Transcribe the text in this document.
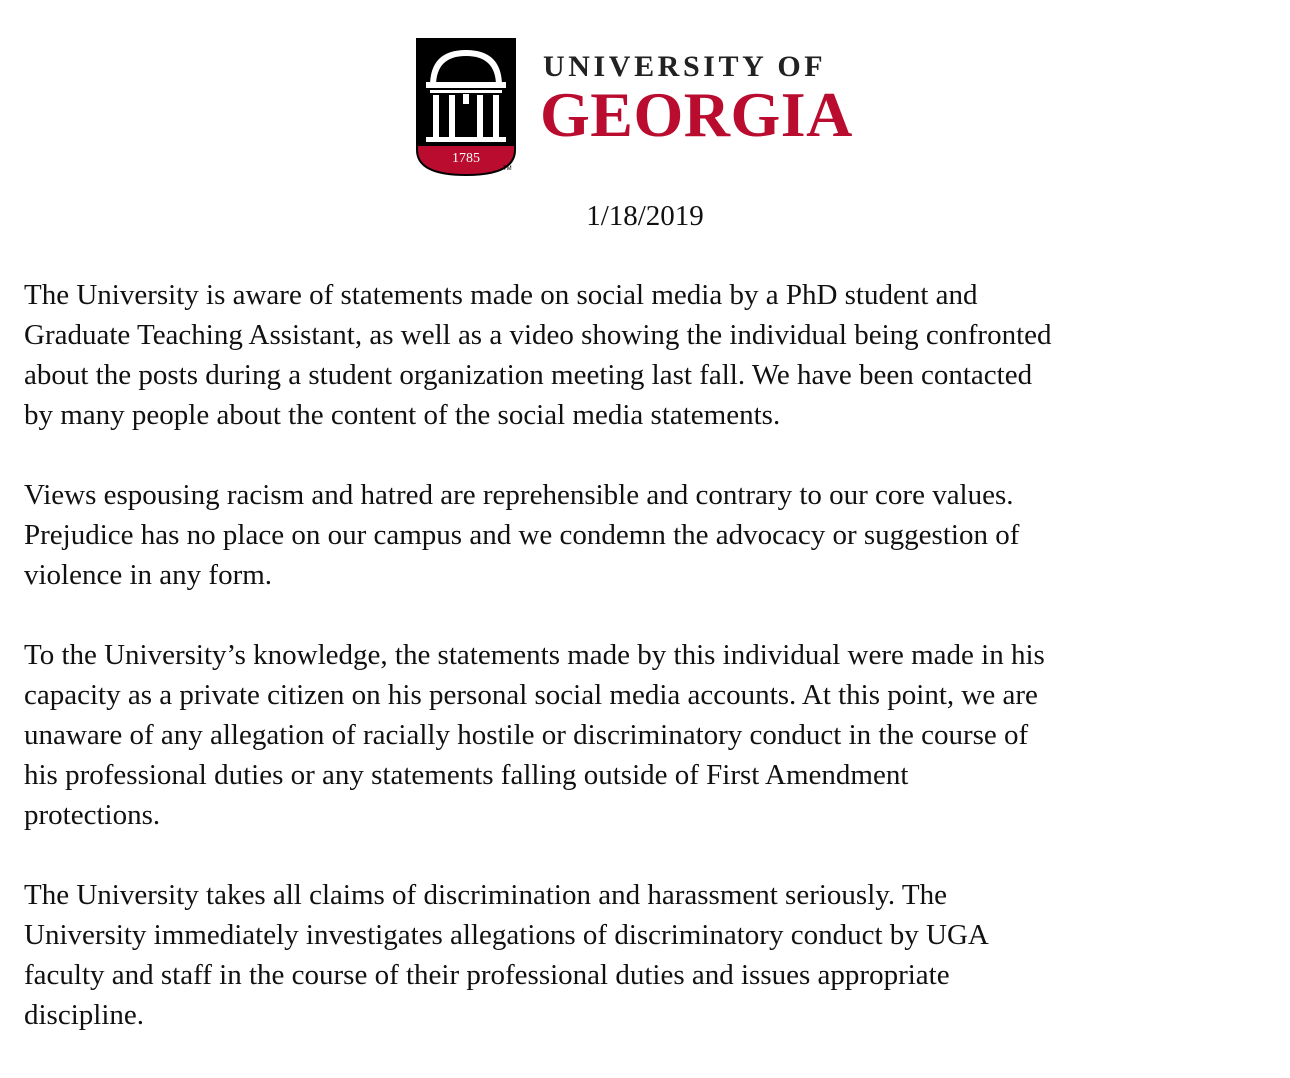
1785
TM
UNIVERSITY OF
GEORGIA
1/18/2019

The University is aware of statements made on social media by a PhD student and
Graduate Teaching Assistant, as well as a video showing the individual being confronted
about the posts during a student organization meeting last fall. We have been contacted
by many people about the content of the social media statements.

Views espousing racism and hatred are reprehensible and contrary to our core values.
Prejudice has no place on our campus and we condemn the advocacy or suggestion of
violence in any form.

To the University’s knowledge, the statements made by this individual were made in his
capacity as a private citizen on his personal social media accounts. At this point, we are
unaware of any allegation of racially hostile or discriminatory conduct in the course of
his professional duties or any statements falling outside of First Amendment
protections.

The University takes all claims of discrimination and harassment seriously. The
University immediately investigates allegations of discriminatory conduct by UGA
faculty and staff in the course of their professional duties and issues appropriate
discipline.
